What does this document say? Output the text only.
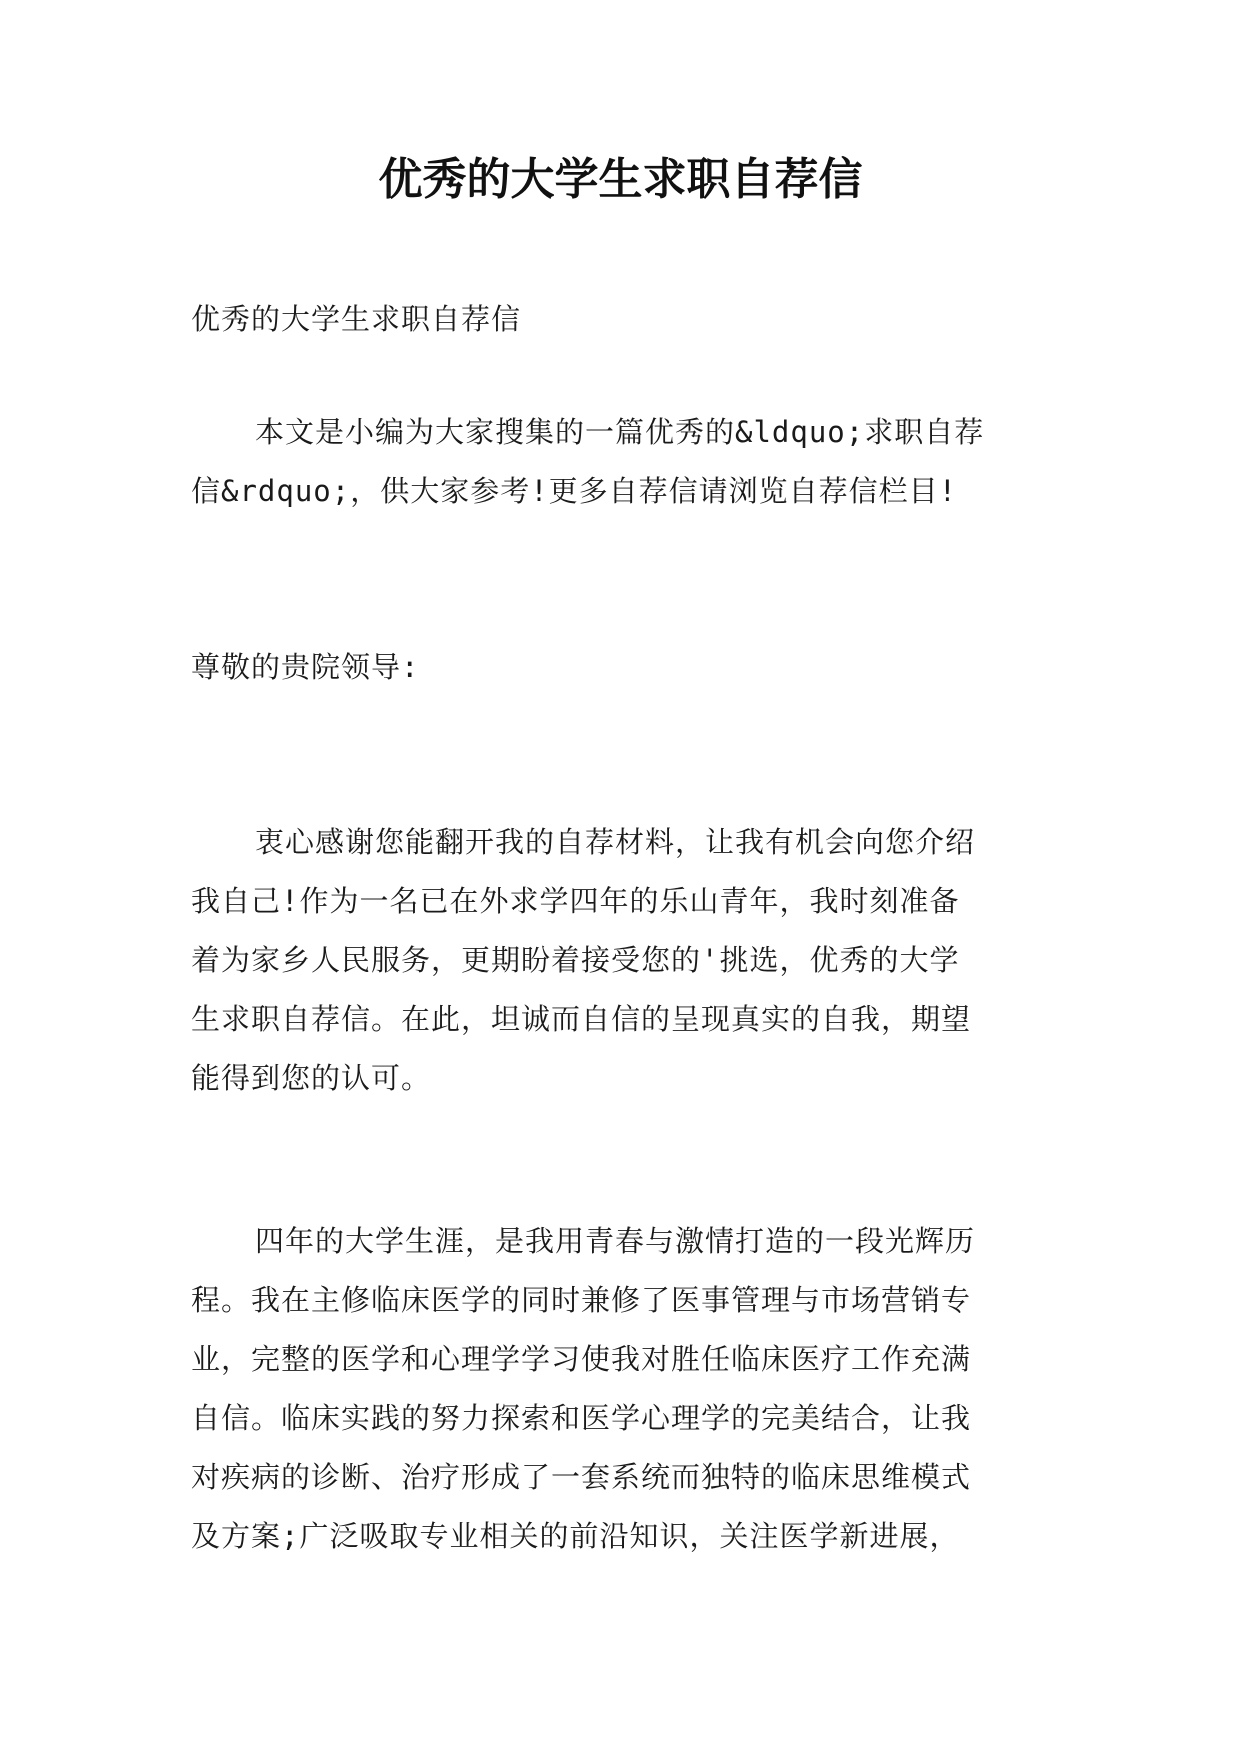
优秀的大学生求职自荐信

优秀的大学生求职自荐信

本文是小编为大家搜集的一篇优秀的&ldquo;求职自荐
信&rdquo;，供大家参考!更多自荐信请浏览自荐信栏目!

尊敬的贵院领导:

衷心感谢您能翻开我的自荐材料，让我有机会向您介绍
我自己!作为一名已在外求学四年的乐山青年，我时刻准备
着为家乡人民服务，更期盼着接受您的'挑选，优秀的大学
生求职自荐信。在此，坦诚而自信的呈现真实的自我，期望
能得到您的认可。

四年的大学生涯，是我用青春与激情打造的一段光辉历
程。我在主修临床医学的同时兼修了医事管理与市场营销专
业，完整的医学和心理学学习使我对胜任临床医疗工作充满
自信。临床实践的努力探索和医学心理学的完美结合，让我
对疾病的诊断、治疗形成了一套系统而独特的临床思维模式
及方案;广泛吸取专业相关的前沿知识，关注医学新进展，
